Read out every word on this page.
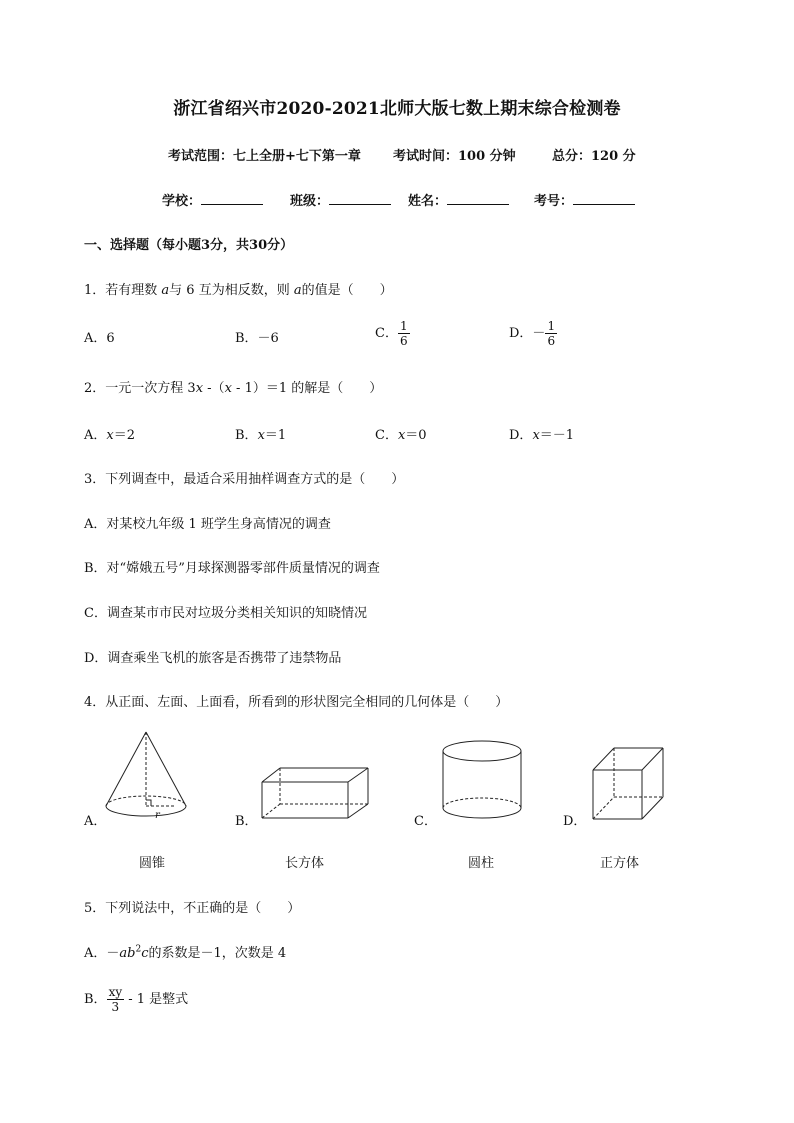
浙江省绍兴市2020-2021北师大版七数上期末综合检测卷
考试范围：七上全册+七下第一章 考试时间：100 分钟	总分：120 分
学校：	班级：	姓名：	考号：
一、选择题（每小题3分，共30分）
1．若有理数 a与 6 互为相反数，则 a的值是（　　）
A．6	B．－6	C． $\frac{1}{6}$	D．－ $\frac{1}{6}$
2．一元一次方程 3x -（x - 1）＝1 的解是（　　）
A．x＝2	B．x＝1	C．x＝0	D．x＝－1
3．下列调查中，最适合采用抽样调查方式的是（　　）
A．对某校九年级 1 班学生身高情况的调查
B．对“嫦娥五号”月球探测器零部件质量情况的调查
C．调查某市市民对垃圾分类相关知识的知晓情况
D．调查乘坐飞机的旅客是否携带了违禁物品
4．从正面、左面、上面看，所看到的形状图完全相同的几何体是（　　）
A．	r	B．	C．	D．
圆锥	长方体	圆柱	正方体
5．下列说法中，不正确的是（　　）
A．$-ab^2c$的系数是－1，次数是 4
B． $\frac{xy}{3} - 1$ 是整式
